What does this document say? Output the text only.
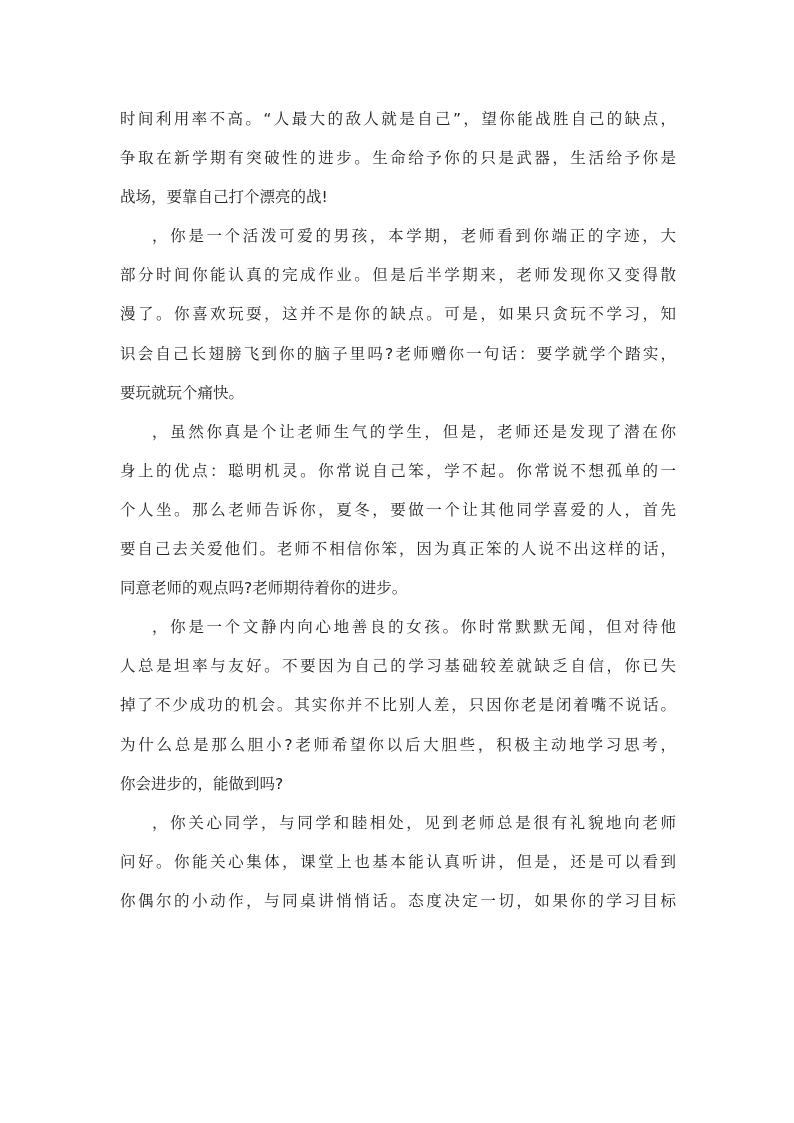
时间利用率不高。“人最大的敌人就是自己”，望你能战胜自己的缺点，
争取在新学期有突破性的进步。生命给予你的只是武器，生活给予你是
战场，要靠自己打个漂亮的战!
，你是一个活泼可爱的男孩，本学期，老师看到你端正的字迹，大
部分时间你能认真的完成作业。但是后半学期来，老师发现你又变得散
漫了。你喜欢玩耍，这并不是你的缺点。可是，如果只贪玩不学习，知
识会自己长翅膀飞到你的脑子里吗?老师赠你一句话：要学就学个踏实，
要玩就玩个痛快。
，虽然你真是个让老师生气的学生，但是，老师还是发现了潜在你
身上的优点：聪明机灵。你常说自己笨，学不起。你常说不想孤单的一
个人坐。那么老师告诉你，夏冬，要做一个让其他同学喜爱的人，首先
要自己去关爱他们。老师不相信你笨，因为真正笨的人说不出这样的话，
同意老师的观点吗?老师期待着你的进步。
，你是一个文静内向心地善良的女孩。你时常默默无闻，但对待他
人总是坦率与友好。不要因为自己的学习基础较差就缺乏自信，你已失
掉了不少成功的机会。其实你并不比别人差，只因你老是闭着嘴不说话。
为什么总是那么胆小?老师希望你以后大胆些，积极主动地学习思考，
你会进步的，能做到吗?
，你关心同学，与同学和睦相处，见到老师总是很有礼貌地向老师
问好。你能关心集体，课堂上也基本能认真听讲，但是，还是可以看到
你偶尔的小动作，与同桌讲悄悄话。态度决定一切，如果你的学习目标
